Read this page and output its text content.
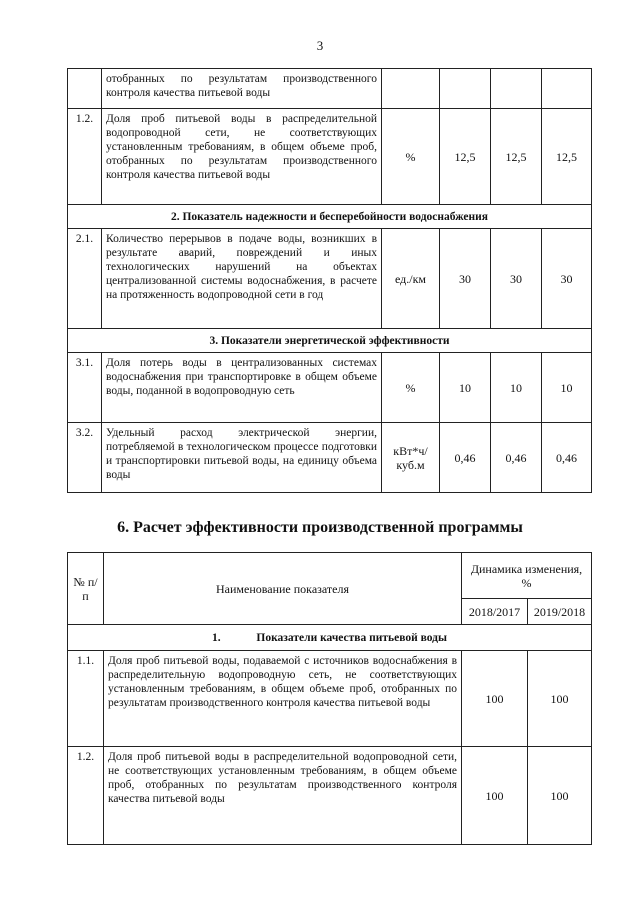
3
	отобранных по результатам производственного контроля качества питьевой воды				
1.2.	Доля проб питьевой воды в распределительной водопроводной сети, не соответствующих установленным требованиям, в общем объеме проб, отобранных по результатам производственного контроля качества питьевой воды	%	12,5	12,5	12,5
2. Показатель надежности и бесперебойности водоснабжения					
2.1.	Количество перерывов в подаче воды, возникших в результате аварий, повреждений и иных технологических нарушений на объектах централизованной системы водоснабжения, в расчете на протяженность водопроводной сети в год	ед./км	30	30	30
3. Показатели энергетической эффективности					
3.1.	Доля потерь воды в централизованных системах водоснабжения при транспортировке в общем объеме воды, поданной в водопроводную сеть	%	10	10	10
3.2.	Удельный расход электрической энергии, потребляемой в технологическом процессе подготовки и транспортировки питьевой воды, на единицу объема воды	кВт*ч/ куб.м	0,46	0,46	0,46
6. Расчет эффективности производственной программы
№ п/п	Наименование показателя	Динамика изменения, %	
		2018/2017	2019/2018
1. Показатели качества питьевой воды			
1.1.	Доля проб питьевой воды, подаваемой с источников водоснабжения в распределительную водопроводную сеть, не соответствующих установленным требованиям, в общем объеме проб, отобранных по результатам производственного контроля качества питьевой воды	100	100
1.2.	Доля проб питьевой воды в распределительной водопроводной сети, не соответствующих установленным требованиям, в общем объеме проб, отобранных по результатам производственного контроля качества питьевой воды	100	100
